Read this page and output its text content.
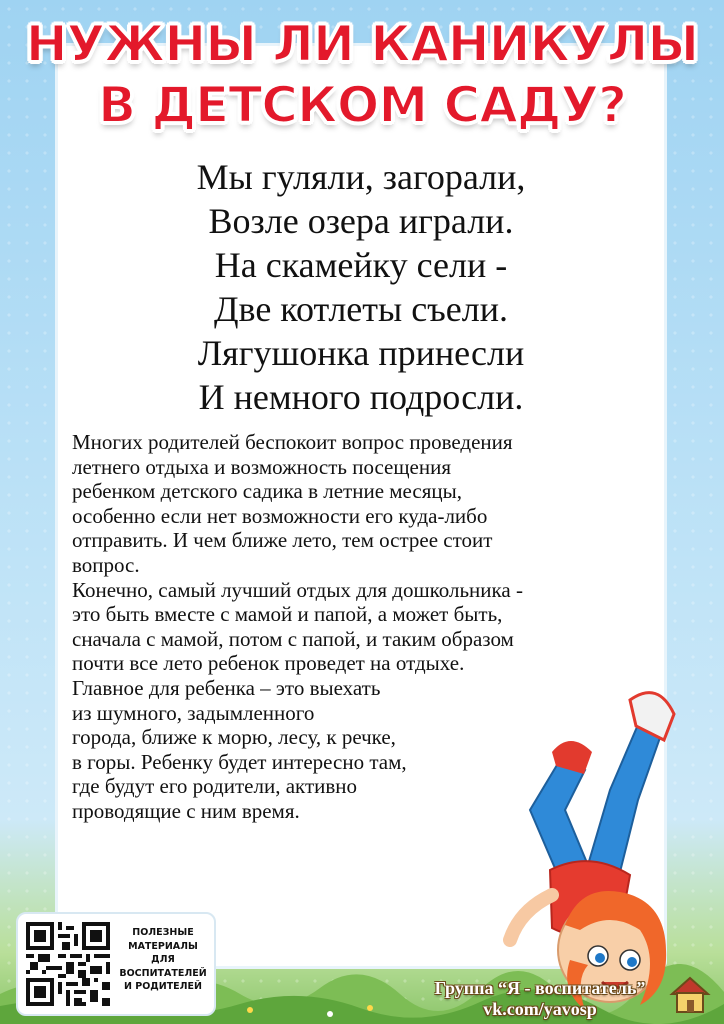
НУЖНЫ ЛИ КАНИКУЛЫ
В ДЕТСКОМ САДУ?
Мы гуляли, загорали,
Возле озера играли.
На скамейку сели -
Две котлеты съели.
Лягушонка принесли
И немного подросли.

Многих родителей беспокоит вопрос проведения
летнего отдыха и возможность посещения
ребенком детского садика в летние месяцы,
особенно если нет возможности его куда-либо
отправить. И чем ближе лето, тем острее стоит
вопрос.

Конечно, самый лучший отдых для дошкольника -
это быть вместе с мамой и папой, а может быть,
сначала с мамой, потом с папой, и таким образом
почти все лето ребенок проведет на отдыхе.
Главное для ребенка – это выехать
из шумного, задымленного
города, ближе к морю, лесу, к речке,
в горы. Ребенку будет интересно там,
где будут его родители, активно
проводящие с ним время.

ПОЛЕЗНЫЕ
МАТЕРИАЛЫ
ДЛЯ
ВОСПИТАТЕЛЕЙ
И РОДИТЕЛЕЙ	Группа “Я - воспитатель”
vk.com/yavosp
